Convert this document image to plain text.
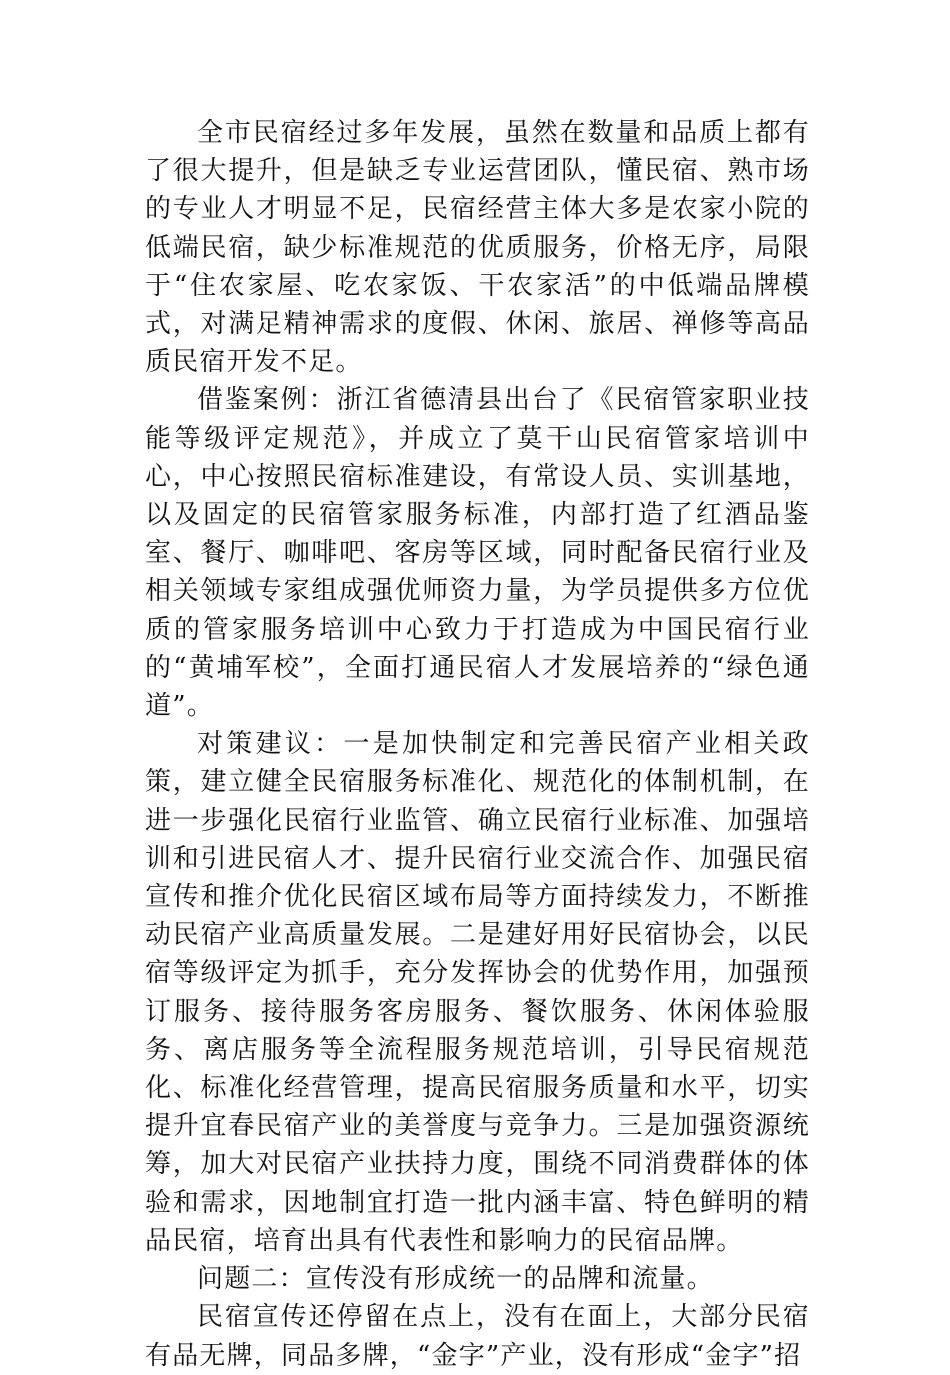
全市民宿经过多年发展，虽然在数量和品质上都有了很大提升，但是缺乏专业运营团队，懂民宿、熟市场的专业人才明显不足，民宿经营主体大多是农家小院的低端民宿，缺少标准规范的优质服务，价格无序，局限于“住农家屋、吃农家饭、干农家活”的中低端品牌模式，对满足精神需求的度假、休闲、旅居、禅修等高品质民宿开发不足。

借鉴案例：浙江省德清县出台了《民宿管家职业技能等级评定规范》，并成立了莫干山民宿管家培训中心，中心按照民宿标准建设，有常设人员、实训基地，以及固定的民宿管家服务标准，内部打造了红酒品鉴室、餐厅、咖啡吧、客房等区域，同时配备民宿行业及相关领域专家组成强优师资力量，为学员提供多方位优质的管家服务培训中心致力于打造成为中国民宿行业的“黄埔军校”，全面打通民宿人才发展培养的“绿色通道”。

对策建议：一是加快制定和完善民宿产业相关政策，建立健全民宿服务标准化、规范化的体制机制，在进一步强化民宿行业监管、确立民宿行业标准、加强培训和引进民宿人才、提升民宿行业交流合作、加强民宿宣传和推介优化民宿区域布局等方面持续发力，不断推动民宿产业高质量发展。二是建好用好民宿协会，以民宿等级评定为抓手，充分发挥协会的优势作用，加强预订服务、接待服务客房服务、餐饮服务、休闲体验服务、离店服务等全流程服务规范培训，引导民宿规范化、标准化经营管理，提高民宿服务质量和水平，切实提升宜春民宿产业的美誉度与竞争力。三是加强资源统筹，加大对民宿产业扶持力度，围绕不同消费群体的体验和需求，因地制宜打造一批内涵丰富、特色鲜明的精品民宿，培育出具有代表性和影响力的民宿品牌。

问题二：宣传没有形成统一的品牌和流量。

民宿宣传还停留在点上，没有在面上，大部分民宿有品无牌，同品多牌，“金字”产业，没有形成“金字”招
